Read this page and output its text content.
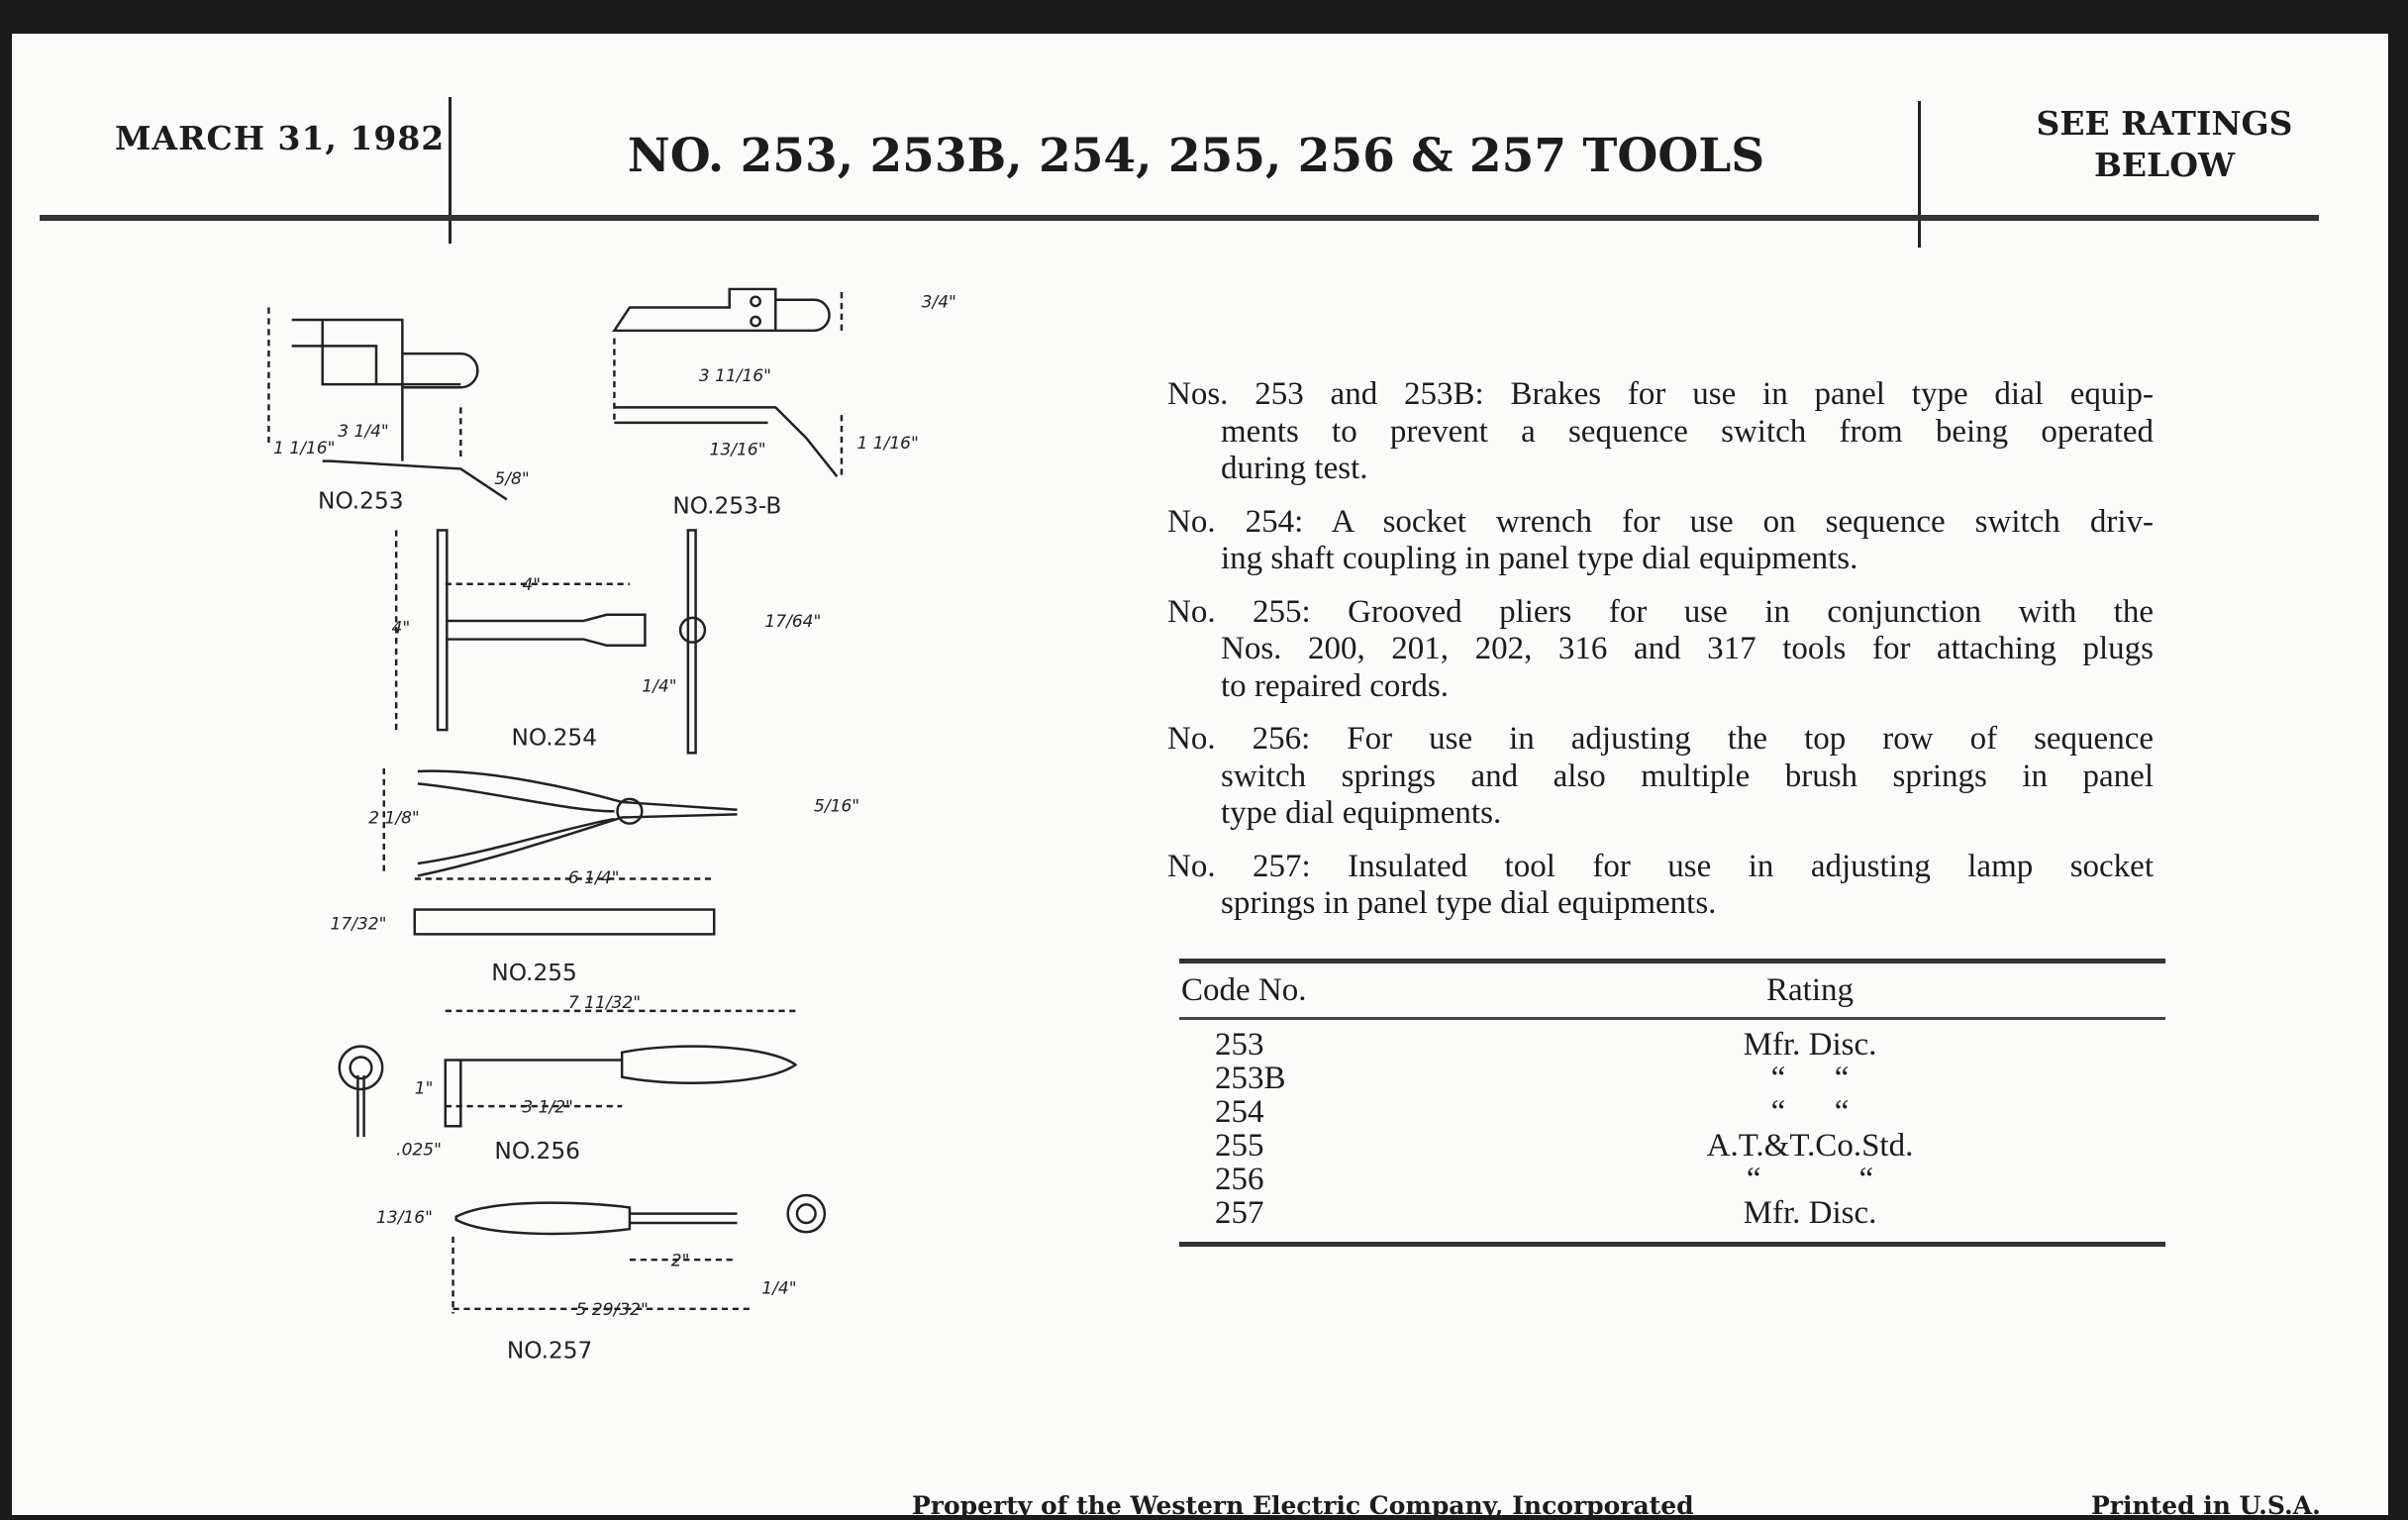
MARCH 31, 1982	NO. 253, 253B, 254, 255, 256 & 257 TOOLS
SEE RATINGS
BELOW
Nos. 253 and 253B: Brakes for use in panel type dial equip-
ments to prevent a sequence switch from being operated
during test.
No. 254: A socket wrench for use on sequence switch driv-
ing shaft coupling in panel type dial equipments.
No. 255: Grooved pliers for use in conjunction with the
Nos. 200, 201, 202, 316 and 317 tools for attaching plugs
to repaired cords.
No. 256: For use in adjusting the top row of sequence
switch springs and also multiple brush springs in panel
type dial equipments.
No. 257: Insulated tool for use in adjusting lamp socket
springs in panel type dial equipments.
Code No.	Rating
253	Mfr. Disc.
253B	“      “
254	“      “
255	A.T.&T.Co.Std.
256	“            “
257	Mfr. Disc.
Property of the Western Electric Company, Incorporated	Printed in U.S.A.
3 1/4"
1 1/16"
5/8"
NO.253
3 11/16"
13/16"	1 1/16"
3/4"
NO.253-B
4"
4"	17/64"
1/4"
NO.254
2 1/8"
6 1/4"
17/32"
5/16"
NO.255
7 11/32"
3 1/2"
.025"
1"
NO.256
5 29/32"
2"
13/16"
1/4"
NO.257
